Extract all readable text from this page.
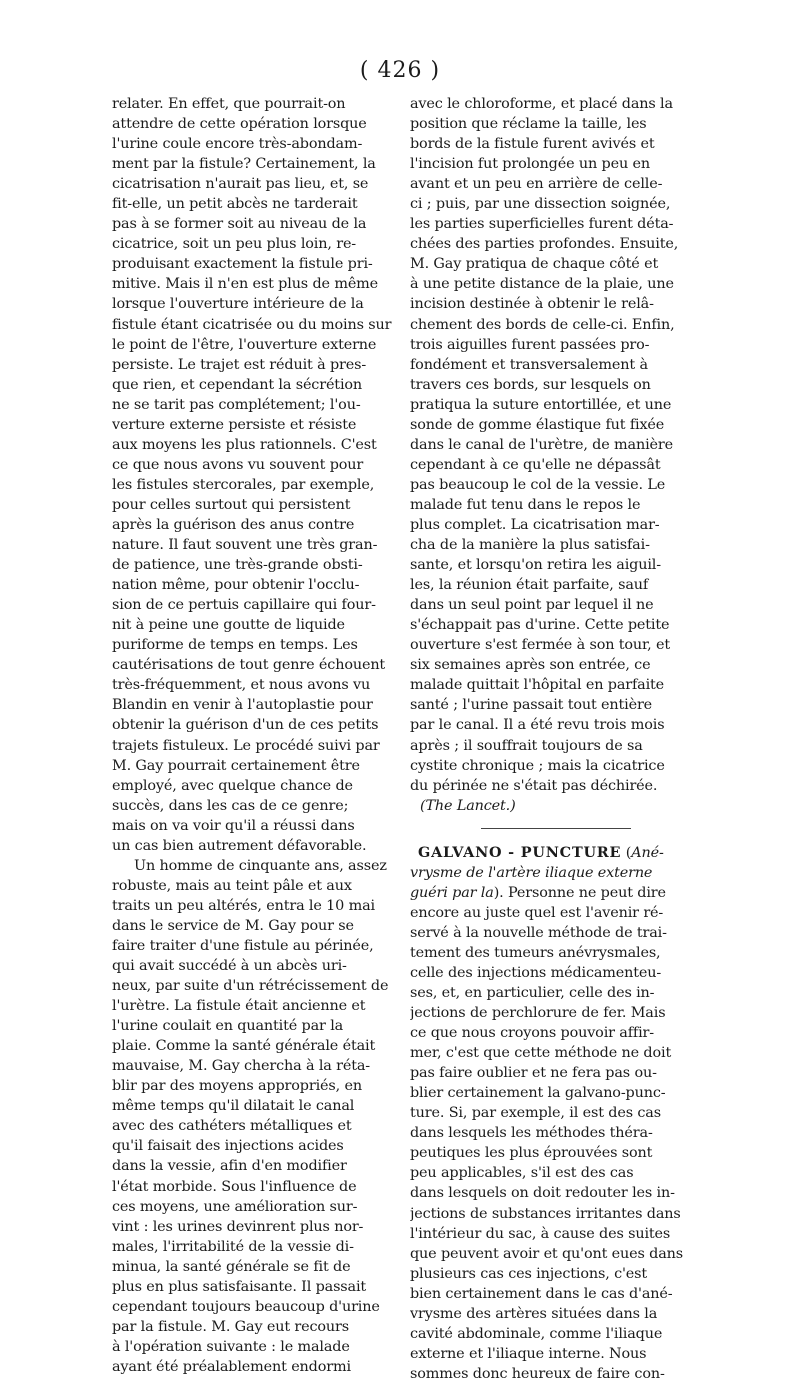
( 426 )
relater. En effet, que pourrait-on
attendre de cette opération lorsque
l'urine coule encore très-abondam-
ment par la fistule? Certainement, la
cicatrisation n'aurait pas lieu, et, se
fit-elle, un petit abcès ne tarderait
pas à se former soit au niveau de la
cicatrice, soit un peu plus loin, re-
produisant exactement la fistule pri-
mitive. Mais il n'en est plus de même
lorsque l'ouverture intérieure de la
fistule étant cicatrisée ou du moins sur
le point de l'être, l'ouverture externe
persiste. Le trajet est réduit à pres-
que rien, et cependant la sécrétion
ne se tarit pas complétement; l'ou-
verture externe persiste et résiste
aux moyens les plus rationnels. C'est
ce que nous avons vu souvent pour
les fistules stercorales, par exemple,
pour celles surtout qui persistent
après la guérison des anus contre
nature. Il faut souvent une très gran-
de patience, une très-grande obsti-
nation même, pour obtenir l'occlu-
sion de ce pertuis capillaire qui four-
nit à peine une goutte de liquide
puriforme de temps en temps. Les
cautérisations de tout genre échouent
très-fréquemment, et nous avons vu
Blandin en venir à l'autoplastie pour
obtenir la guérison d'un de ces petits
trajets fistuleux. Le procédé suivi par
M. Gay pourrait certainement être
employé, avec quelque chance de
succès, dans les cas de ce genre;
mais on va voir qu'il a réussi dans
un cas bien autrement défavorable.
Un homme de cinquante ans, assez
robuste, mais au teint pâle et aux
traits un peu altérés, entra le 10 mai
dans le service de M. Gay pour se
faire traiter d'une fistule au périnée,
qui avait succédé à un abcès uri-
neux, par suite d'un rétrécissement de
l'urètre. La fistule était ancienne et
l'urine coulait en quantité par la
plaie. Comme la santé générale était
mauvaise, M. Gay chercha à la réta-
blir par des moyens appropriés, en
même temps qu'il dilatait le canal
avec des cathéters métalliques et
qu'il faisait des injections acides
dans la vessie, afin d'en modifier
l'état morbide. Sous l'influence de
ces moyens, une amélioration sur-
vint : les urines devinrent plus nor-
males, l'irritabilité de la vessie di-
minua, la santé générale se fit de
plus en plus satisfaisante. Il passait
cependant toujours beaucoup d'urine
par la fistule. M. Gay eut recours
à l'opération suivante : le malade
ayant été préalablement endormi
avec le chloroforme, et placé dans la
position que réclame la taille, les
bords de la fistule furent avivés et
l'incision fut prolongée un peu en
avant et un peu en arrière de celle-
ci ; puis, par une dissection soignée,
les parties superficielles furent déta-
chées des parties profondes. Ensuite,
M. Gay pratiqua de chaque côté et
à une petite distance de la plaie, une
incision destinée à obtenir le relâ-
chement des bords de celle-ci. Enfin,
trois aiguilles furent passées pro-
fondément et transversalement à
travers ces bords, sur lesquels on
pratiqua la suture entortillée, et une
sonde de gomme élastique fut fixée
dans le canal de l'urètre, de manière
cependant à ce qu'elle ne dépassât
pas beaucoup le col de la vessie. Le
malade fut tenu dans le repos le
plus complet. La cicatrisation mar-
cha de la manière la plus satisfai-
sante, et lorsqu'on retira les aiguil-
les, la réunion était parfaite, sauf
dans un seul point par lequel il ne
s'échappait pas d'urine. Cette petite
ouverture s'est fermée à son tour, et
six semaines après son entrée, ce
malade quittait l'hôpital en parfaite
santé ; l'urine passait tout entière
par le canal. Il a été revu trois mois
après ; il souffrait toujours de sa
cystite chronique ; mais la cicatrice
du périnée ne s'était pas déchirée.
(The Lancet.)
GALVANO - PUNCTURE (Ané-
vrysme de l'artère iliaque externe
guéri par la). Personne ne peut dire
encore au juste quel est l'avenir ré-
servé à la nouvelle méthode de trai-
tement des tumeurs anévrysmales,
celle des injections médicamenteu-
ses, et, en particulier, celle des in-
jections de perchlorure de fer. Mais
ce que nous croyons pouvoir affir-
mer, c'est que cette méthode ne doit
pas faire oublier et ne fera pas ou-
blier certainement la galvano-punc-
ture. Si, par exemple, il est des cas
dans lesquels les méthodes théra-
peutiques les plus éprouvées sont
peu applicables, s'il est des cas
dans lesquels on doit redouter les in-
jections de substances irritantes dans
l'intérieur du sac, à cause des suites
que peuvent avoir et qu'ont eues dans
plusieurs cas ces injections, c'est
bien certainement dans le cas d'ané-
vrysme des artères situées dans la
cavité abdominale, comme l'iliaque
externe et l'iliaque interne. Nous
sommes donc heureux de faire con-
